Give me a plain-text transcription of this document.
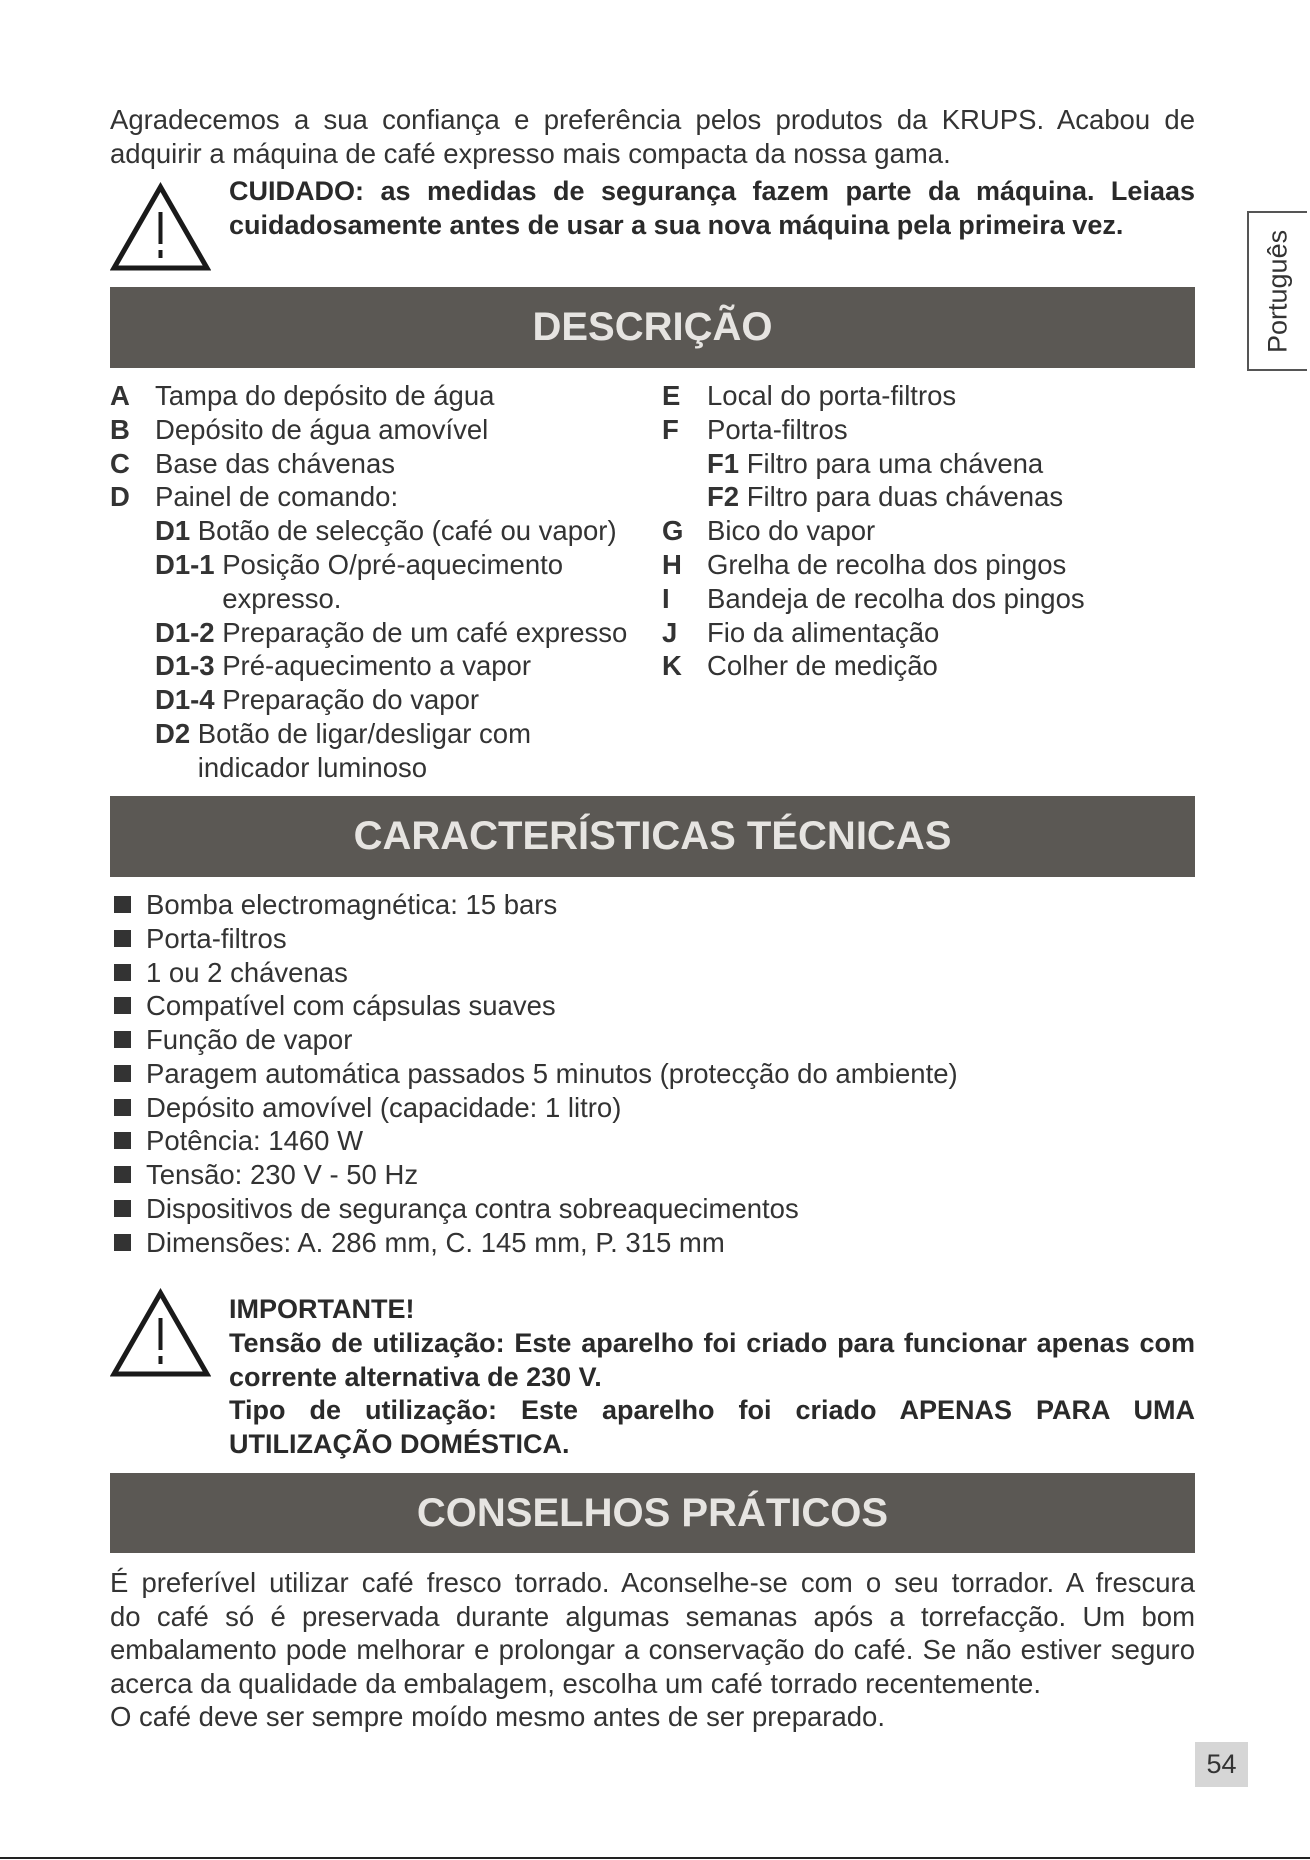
Agradecemos a sua confiança e preferência pelos produtos da KRUPS. Acabou de
adquirir a máquina de café expresso mais compacta da nossa gama.
CUIDADO: as medidas de segurança fazem parte da máquina. Leiaas
cuidadosamente antes de usar a sua nova máquina pela primeira vez.
Português
DESCRIÇÃO
A Tampa do depósito de água
B Depósito de água amovível
C Base das chávenas
D Painel de comando:
D1 Botão de selecção (café ou vapor)
D1-1 Posição O/pré-aquecimento
expresso.
D1-2 Preparação de um café expresso
D1-3 Pré-aquecimento a vapor
D1-4 Preparação do vapor
D2 Botão de ligar/desligar com
indicador luminoso
E Local do porta-filtros
F Porta-filtros
F1 Filtro para uma chávena
F2 Filtro para duas chávenas
G Bico do vapor
H Grelha de recolha dos pingos
I Bandeja de recolha dos pingos
J Fio da alimentação
K Colher de medição
CARACTERÍSTICAS TÉCNICAS
Bomba electromagnética: 15 bars
Porta-filtros
1 ou 2 chávenas
Compatível com cápsulas suaves
Função de vapor
Paragem automática passados 5 minutos (protecção do ambiente)
Depósito amovível (capacidade: 1 litro)
Potência: 1460 W
Tensão: 230 V - 50 Hz
Dispositivos de segurança contra sobreaquecimentos
Dimensões: A. 286 mm, C. 145 mm, P. 315 mm
IMPORTANTE!
Tensão de utilização: Este aparelho foi criado para funcionar apenas com
corrente alternativa de 230 V.
Tipo de utilização: Este aparelho foi criado APENAS PARA UMA
UTILIZAÇÃO DOMÉSTICA.
CONSELHOS PRÁTICOS
É preferível utilizar café fresco torrado. Aconselhe-se com o seu torrador. A frescura
do café só é preservada durante algumas semanas após a torrefacção. Um bom
embalamento pode melhorar e prolongar a conservação do café. Se não estiver seguro
acerca da qualidade da embalagem, escolha um café torrado recentemente.
O café deve ser sempre moído mesmo antes de ser preparado.
54
